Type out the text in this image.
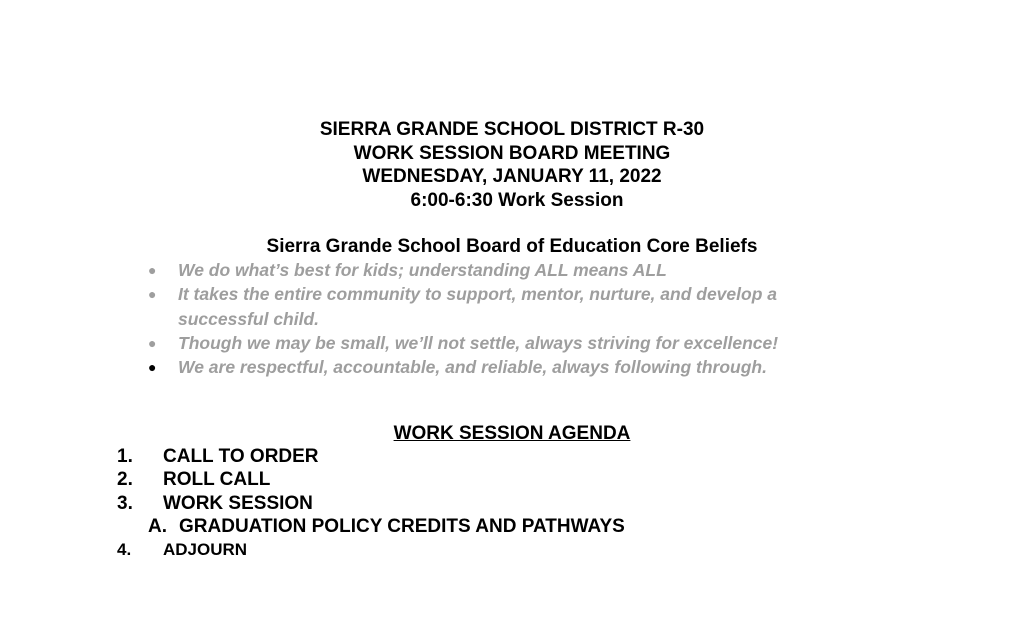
SIERRA GRANDE SCHOOL DISTRICT R-30
WORK SESSION BOARD MEETING
WEDNESDAY, JANUARY 11, 2022
6:00-6:30 Work Session
Sierra Grande School Board of Education Core Beliefs
● We do what’s best for kids; understanding ALL means ALL
● It takes the entire community to support, mentor, nurture, and develop a successful child.
● Though we may be small, we’ll not settle, always striving for excellence!
● We are respectful, accountable, and reliable, always following through.
WORK SESSION AGENDA
1. CALL TO ORDER
2. ROLL CALL
3. WORK SESSION
A. GRADUATION POLICY CREDITS AND PATHWAYS
4. ADJOURN
